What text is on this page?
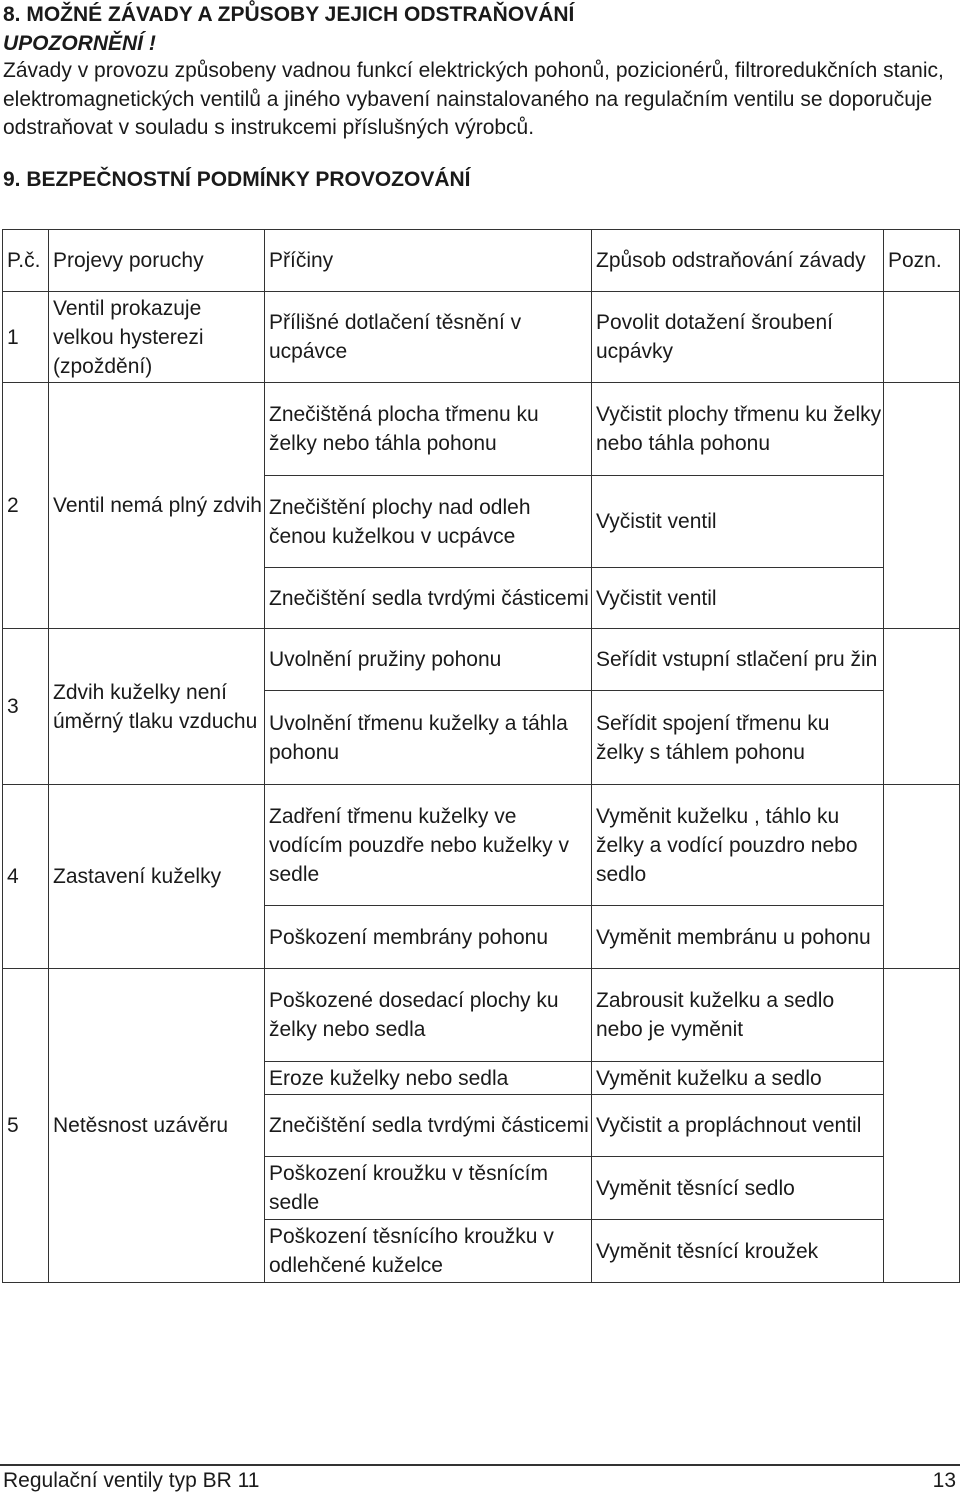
8. MOŽNÉ ZÁVADY A ZPŮSOBY JEJICH ODSTRAŇOVÁNÍ
UPOZORNĚNÍ !
Závady v provozu způsobeny vadnou funkcí elektrických pohonů, pozicionérů, filtroredukčních stanic, elektromagnetických ventilů a jiného vybavení nainstalovaného na regulačním ventilu se doporučuje odstraňovat v souladu s instrukcemi příslušných výrobců.
9. BEZPEČNOSTNÍ PODMÍNKY PROVOZOVÁNÍ
P.č.	Projevy poruchy	Příčiny	Způsob odstraňování závady	Pozn.
1	Ventil prokazuje velkou hysterezi (zpoždění)	Přílišné dotlačení těsnění v ucpávce	Povolit dotažení šroubení ucpávky	
2	Ventil nemá plný zdvih	Znečištěná plocha třmenu ku želky nebo táhla pohonu	Vyčistit plochy třmenu ku želky nebo táhla pohonu	
		Znečištění plochy nad odleh čenou kuželkou v ucpávce	Vyčistit ventil	
		Znečištění sedla tvrdými částicemi	Vyčistit ventil	
3	Zdvih kuželky není úměrný tlaku vzduchu	Uvolnění pružiny pohonu	Seřídit vstupní stlačení pru žin	
		Uvolnění třmenu kuželky a táhla pohonu	Seřídit spojení třmenu ku želky s táhlem pohonu	
4	Zastavení kuželky	Zadření třmenu kuželky ve vodícím pouzdře nebo kuželky v sedle	Vyměnit kuželku , táhlo ku želky a vodící pouzdro nebo sedlo	
		Poškození membrány pohonu	Vyměnit membránu u pohonu	
5	Netěsnost uzávěru	Poškozené dosedací plochy ku želky nebo sedla	Zabrousit kuželku a sedlo nebo je vyměnit	
		Eroze kuželky nebo sedla	Vyměnit kuželku a sedlo	
		Znečištění sedla tvrdými částicemi	Vyčistit a propláchnout ventil	
		Poškození kroužku v těsnícím sedle	Vyměnit těsnící sedlo	
		Poškození těsnícího kroužku v odlehčené kuželce	Vyměnit těsnící kroužek	
Regulační ventily typ BR 11	13
